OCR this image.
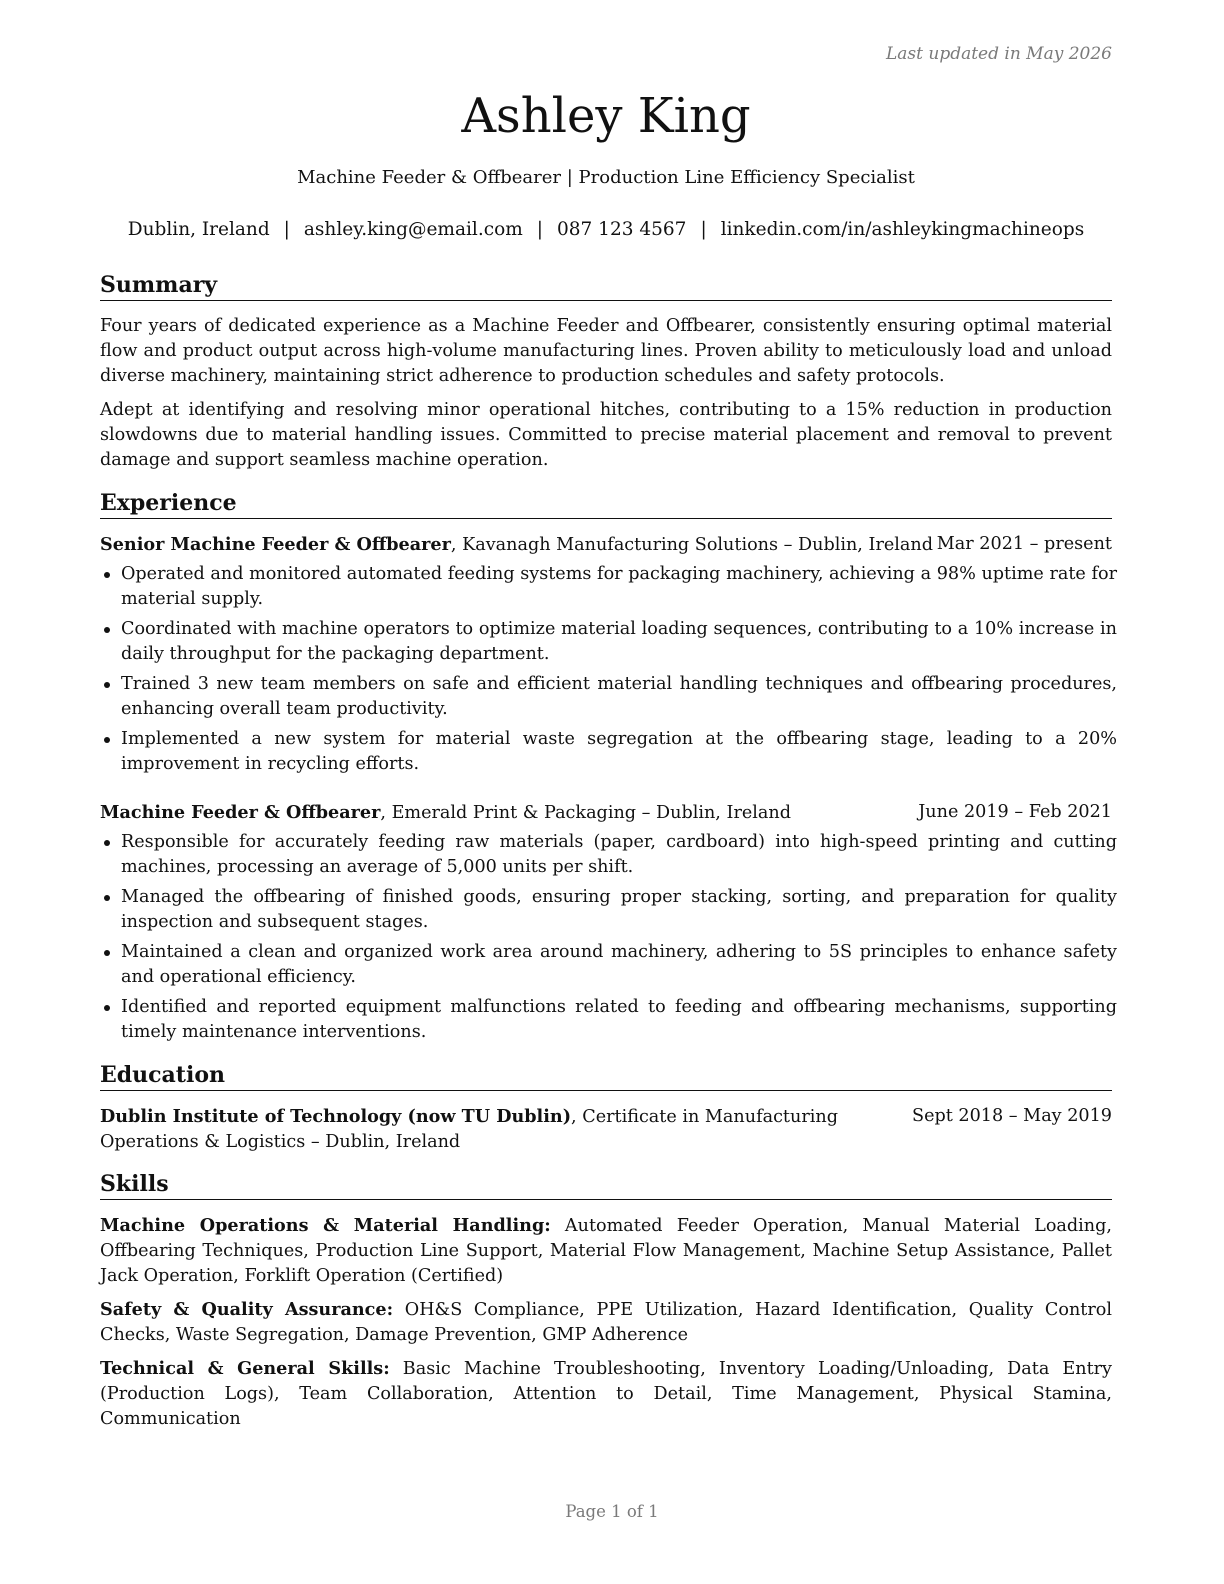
Last updated in May 2026
Ashley King
Machine Feeder & Offbearer | Production Line Efficiency Specialist
Dublin, Ireland | ashley.king@email.com | 087 123 4567 | linkedin.com/in/ashleykingmachineops
Summary
Four years of dedicated experience as a Machine Feeder and Offbearer, consistently ensuring optimal material flow and product output across high-volume manufacturing lines. Proven ability to meticulously load and unload diverse machinery, maintaining strict adherence to production schedules and safety protocols.
Adept at identifying and resolving minor operational hitches, contributing to a 15% reduction in production slowdowns due to material handling issues. Committed to precise material placement and removal to prevent damage and support seamless machine operation.
Experience
Senior Machine Feeder & Offbearer, Kavanagh Manufacturing Solutions – Dublin, Ireland Mar 2021 – present
Operated and monitored automated feeding systems for packaging machinery, achieving a 98% uptime rate for material supply.
Coordinated with machine operators to optimize material loading sequences, contributing to a 10% increase in daily throughput for the packaging department.
Trained 3 new team members on safe and efficient material handling techniques and offbearing procedures, enhancing overall team productivity.
Implemented a new system for material waste segregation at the offbearing stage, leading to a 20% improvement in recycling efforts.
Machine Feeder & Offbearer, Emerald Print & Packaging – Dublin, Ireland	June 2019 – Feb 2021
Responsible for accurately feeding raw materials (paper, cardboard) into high-speed printing and cutting machines, processing an average of 5,000 units per shift.
Managed the offbearing of finished goods, ensuring proper stacking, sorting, and preparation for quality inspection and subsequent stages.
Maintained a clean and organized work area around machinery, adhering to 5S principles to enhance safety and operational efficiency.
Identified and reported equipment malfunctions related to feeding and offbearing mechanisms, supporting timely maintenance interventions.
Education
Dublin Institute of Technology (now TU Dublin), Certificate in Manufacturing Operations & Logistics – Dublin, Ireland
Sept 2018 – May 2019
Skills
Machine Operations & Material Handling: Automated Feeder Operation, Manual Material Loading, Offbearing Techniques, Production Line Support, Material Flow Management, Machine Setup Assistance, Pallet Jack Operation, Forklift Operation (Certified)
Safety & Quality Assurance: OH&S Compliance, PPE Utilization, Hazard Identification, Quality Control Checks, Waste Segregation, Damage Prevention, GMP Adherence
Technical & General Skills: Basic Machine Troubleshooting, Inventory Loading/Unloading, Data Entry (Production Logs), Team Collaboration, Attention to Detail, Time Management, Physical Stamina, Communication
Page 1 of 1
